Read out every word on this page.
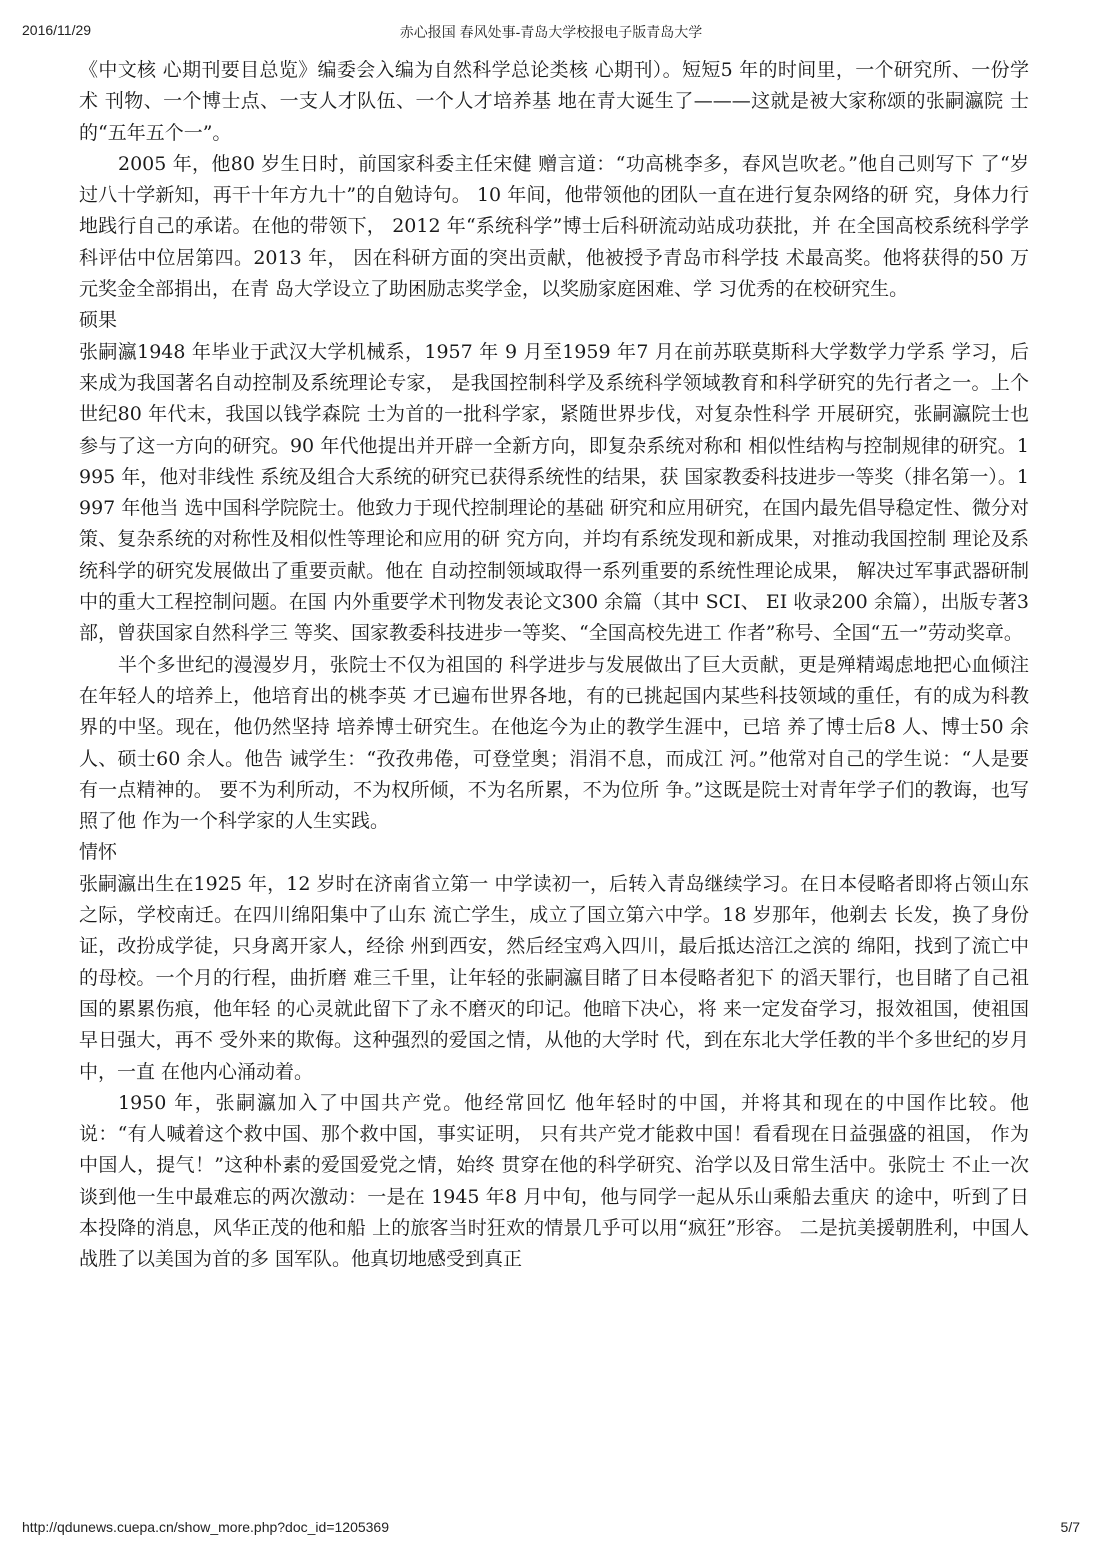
2016/11/29	赤心报国 春风处事-青岛大学校报电子版青岛大学

《中文核 心期刊要目总览》编委会入编为自然科学总论类核 心期刊）。短短5 年的时间里，一个研究所、一份学术 刊物、一个博士点、一支人才队伍、一个人才培养基 地在青大诞生了———这就是被大家称颂的张嗣瀛院 士的“五年五个一”。

2005 年，他80 岁生日时，前国家科委主任宋健 赠言道：“功高桃李多，春风岂吹老。”他自己则写下 了“岁过八十学新知，再干十年方九十”的自勉诗句。 10 年间，他带领他的团队一直在进行复杂网络的研 究，身体力行地践行自己的承诺。在他的带领下， 2012 年“系统科学”博士后科研流动站成功获批，并 在全国高校系统科学学科评估中位居第四。2013 年， 因在科研方面的突出贡献，他被授予青岛市科学技 术最高奖。他将获得的50 万元奖金全部捐出，在青 岛大学设立了助困励志奖学金，以奖励家庭困难、学 习优秀的在校研究生。

硕果

张嗣瀛1948 年毕业于武汉大学机械系，1957 年 9 月至1959 年7 月在前苏联莫斯科大学数学力学系 学习，后来成为我国著名自动控制及系统理论专家， 是我国控制科学及系统科学领域教育和科学研究的先行者之一。上个世纪80 年代末，我国以钱学森院 士为首的一批科学家，紧随世界步伐，对复杂性科学 开展研究，张嗣瀛院士也参与了这一方向的研究。90 年代他提出并开辟一全新方向，即复杂系统对称和 相似性结构与控制规律的研究。1995 年，他对非线性 系统及组合大系统的研究已获得系统性的结果，获 国家教委科技进步一等奖（排名第一）。1997 年他当 选中国科学院院士。他致力于现代控制理论的基础 研究和应用研究，在国内最先倡导稳定性、微分对 策、复杂系统的对称性及相似性等理论和应用的研 究方向，并均有系统发现和新成果，对推动我国控制 理论及系统科学的研究发展做出了重要贡献。他在 自动控制领域取得一系列重要的系统性理论成果， 解决过军事武器研制中的重大工程控制问题。在国 内外重要学术刊物发表论文300 余篇（其中 SCI、 EI 收录200 余篇），出版专著3 部，曾获国家自然科学三 等奖、国家教委科技进步一等奖、“全国高校先进工 作者”称号、全国“五一”劳动奖章。

半个多世纪的漫漫岁月，张院士不仅为祖国的 科学进步与发展做出了巨大贡献，更是殚精竭虑地把心血倾注在年轻人的培养上，他培育出的桃李英 才已遍布世界各地，有的已挑起国内某些科技领域的重任，有的成为科教界的中坚。现在，他仍然坚持 培养博士研究生。在他迄今为止的教学生涯中，已培 养了博士后8 人、博士50 余人、硕士60 余人。他告 诫学生：“孜孜弗倦，可登堂奥；涓涓不息，而成江 河。”他常对自己的学生说：“人是要有一点精神的。 要不为利所动，不为权所倾，不为名所累，不为位所 争。”这既是院士对青年学子们的教诲，也写照了他 作为一个科学家的人生实践。

情怀

张嗣瀛出生在1925 年，12 岁时在济南省立第一 中学读初一，后转入青岛继续学习。在日本侵略者即将占领山东之际，学校南迁。在四川绵阳集中了山东 流亡学生，成立了国立第六中学。18 岁那年，他剃去 长发，换了身份证，改扮成学徒，只身离开家人，经徐 州到西安，然后经宝鸡入四川，最后抵达涪江之滨的 绵阳，找到了流亡中的母校。一个月的行程，曲折磨 难三千里，让年轻的张嗣瀛目睹了日本侵略者犯下 的滔天罪行，也目睹了自己祖国的累累伤痕，他年轻 的心灵就此留下了永不磨灭的印记。他暗下决心，将 来一定发奋学习，报效祖国，使祖国早日强大，再不 受外来的欺侮。这种强烈的爱国之情，从他的大学时 代，到在东北大学任教的半个多世纪的岁月中，一直 在他内心涌动着。

1950 年，张嗣瀛加入了中国共产党。他经常回忆 他年轻时的中国，并将其和现在的中国作比较。他 说：“有人喊着这个救中国、那个救中国，事实证明， 只有共产党才能救中国！看看现在日益强盛的祖国， 作为中国人，提气！”这种朴素的爱国爱党之情，始终 贯穿在他的科学研究、治学以及日常生活中。张院士 不止一次谈到他一生中最难忘的两次激动：一是在 1945 年8 月中旬，他与同学一起从乐山乘船去重庆 的途中，听到了日本投降的消息，风华正茂的他和船 上的旅客当时狂欢的情景几乎可以用“疯狂”形容。 二是抗美援朝胜利，中国人战胜了以美国为首的多 国军队。他真切地感受到真正

http://qdunews.cuepa.cn/show_more.php?doc_id=1205369	5/7
